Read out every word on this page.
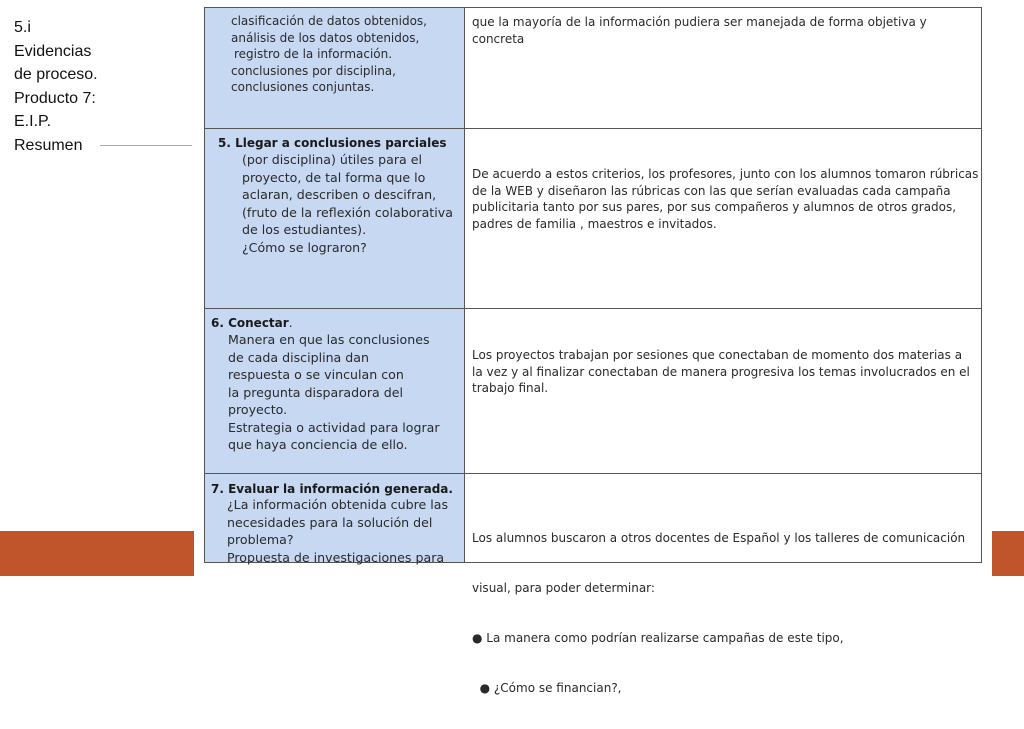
5.i
Evidencias
de proceso.
Producto 7:
E.I.P.
Resumen
clasificación de datos obtenidos,
análisis de los datos obtenidos,
registro de la información.
conclusiones por disciplina,
conclusiones conjuntas.
que la mayoría de la información pudiera ser manejada de forma objetiva y
concreta
5. Llegar a conclusiones parciales
(por disciplina) útiles para el
proyecto, de tal forma que lo
aclaran, describen o descifran,
(fruto de la reflexión colaborativa
de los estudiantes).
¿Cómo se lograron?
De acuerdo a estos criterios, los profesores, junto con los alumnos tomaron rúbricas
de la WEB y diseñaron las rúbricas con las que serían evaluadas cada campaña
publicitaria tanto por sus pares, por sus compañeros y alumnos de otros grados,
padres de familia , maestros e invitados.
6. Conectar.
Manera en que las conclusiones
de cada disciplina dan
respuesta o se vinculan con
la pregunta disparadora del
proyecto.
Estrategia o actividad para lograr
que haya conciencia de ello.
Los proyectos trabajan por sesiones que conectaban de momento dos materias a
la vez y al finalizar conectaban de manera progresiva los temas involucrados en el
trabajo final.
7. Evaluar la información generada.
¿La información obtenida cubre las
necesidades para la solución del
problema?
Propuesta de investigaciones para

Los alumnos buscaron a otros docentes de Español y los talleres de comunicación

visual, para poder determinar:

● La manera como podrían realizarse campañas de este tipo,

● ¿Cómo se financian?,
